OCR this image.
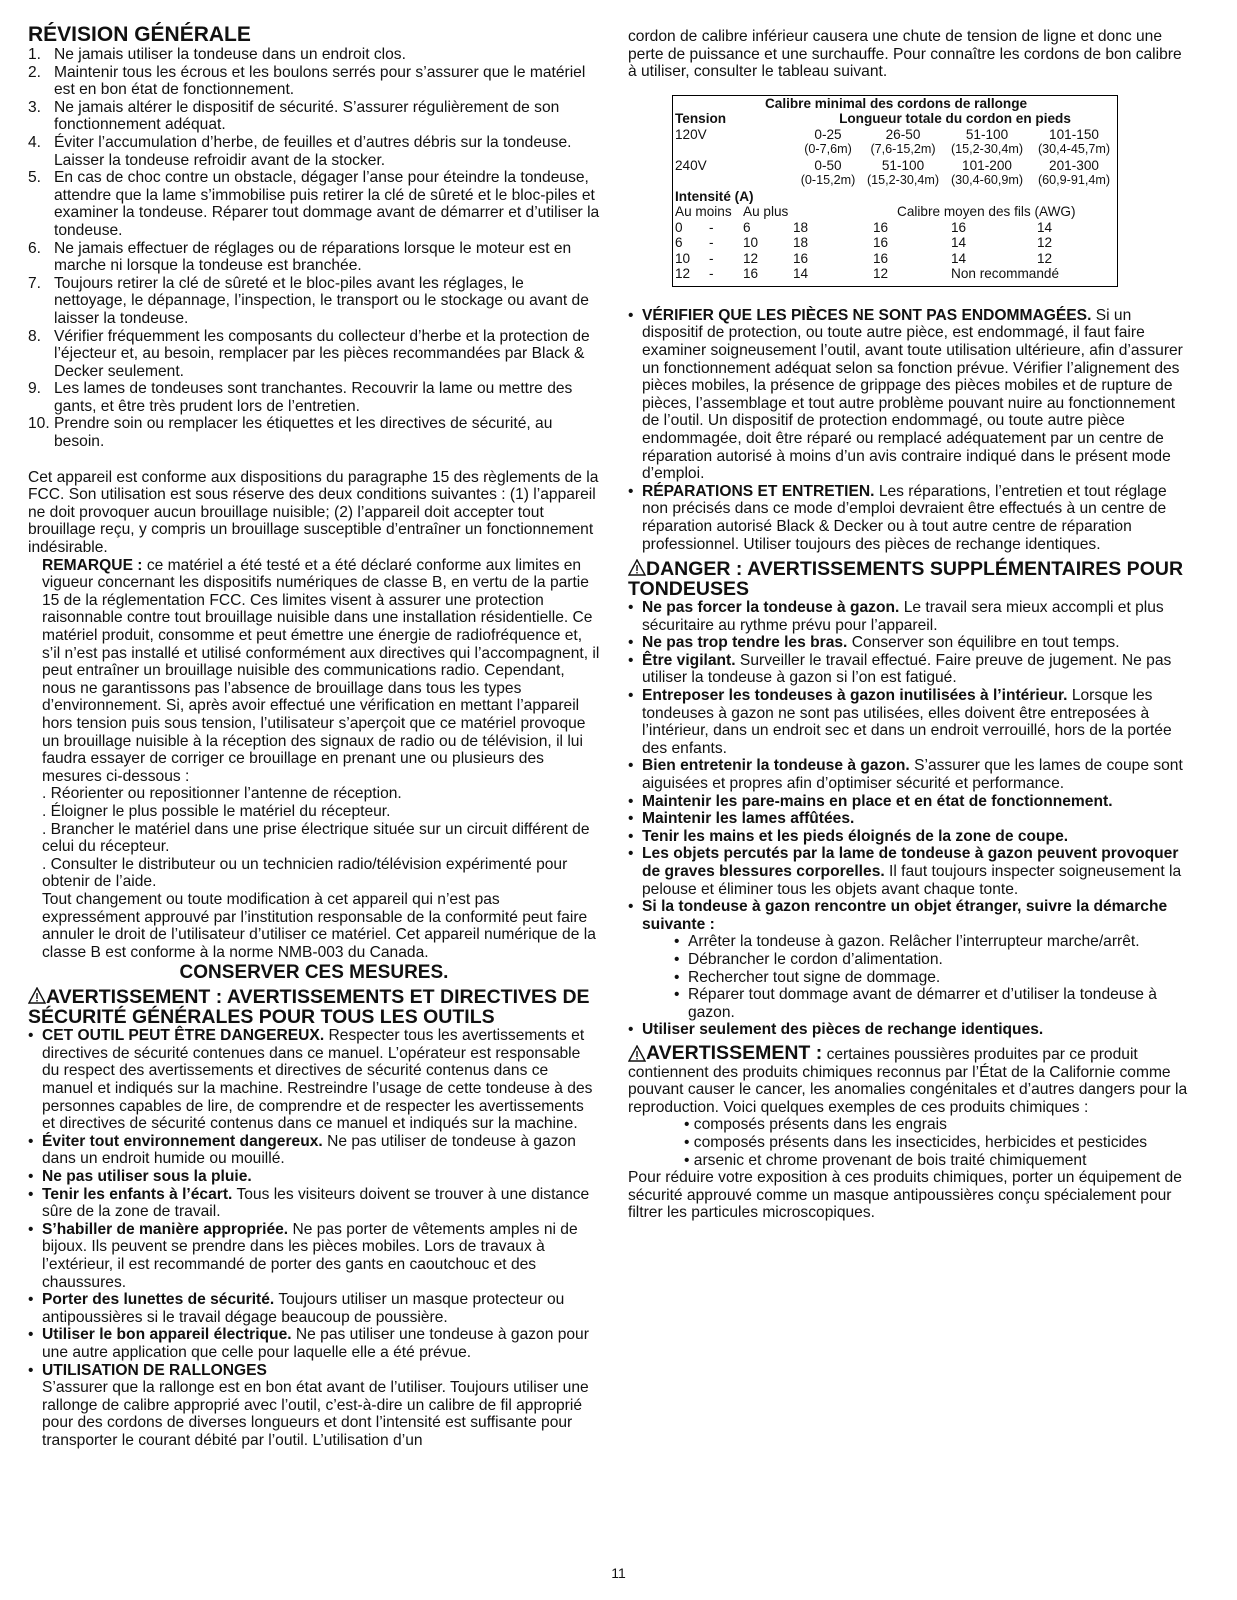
RÉVISION GÉNÉRALE
1. Ne jamais utiliser la tondeuse dans un endroit clos.
2. Maintenir tous les écrous et les boulons serrés pour s’assurer que le matériel est en bon état de fonctionnement.
3. Ne jamais altérer le dispositif de sécurité. S’assurer régulièrement de son fonctionnement adéquat.
4. Éviter l’accumulation d’herbe, de feuilles et d’autres débris sur la tondeuse. Laisser la tondeuse refroidir avant de la stocker.
5. En cas de choc contre un obstacle, dégager l’anse pour éteindre la tondeuse, attendre que la lame s’immobilise puis retirer la clé de sûreté et le bloc-piles et examiner la tondeuse. Réparer tout dommage avant de démarrer et d’utiliser la tondeuse.
6. Ne jamais effectuer de réglages ou de réparations lorsque le moteur est en marche ni lorsque la tondeuse est branchée.
7. Toujours retirer la clé de sûreté et le bloc-piles avant les réglages, le nettoyage, le dépannage, l’inspection, le transport ou le stockage ou avant de laisser la tondeuse.
8. Vérifier fréquemment les composants du collecteur d’herbe et la protection de l’éjecteur et, au besoin, remplacer par les pièces recommandées par Black & Decker seulement.
9. Les lames de tondeuses sont tranchantes. Recouvrir la lame ou mettre des gants, et être très prudent lors de l’entretien.
10. Prendre soin ou remplacer les étiquettes et les directives de sécurité, au besoin.

Cet appareil est conforme aux dispositions du paragraphe 15 des règlements de la FCC. Son utilisation est sous réserve des deux conditions suivantes : (1) l’appareil ne doit provoquer aucun brouillage nuisible; (2) l’appareil doit accepter tout brouillage reçu, y compris un brouillage susceptible d’entraîner un fonctionnement indésirable.

REMARQUE : ce matériel a été testé et a été déclaré conforme aux limites en vigueur concernant les dispositifs numériques de classe B, en vertu de la partie 15 de la réglementation FCC. Ces limites visent à assurer une protection raisonnable contre tout brouillage nuisible dans une installation résidentielle. Ce matériel produit, consomme et peut émettre une énergie de radiofréquence et, s’il n’est pas installé et utilisé conformément aux directives qui l’accompagnent, il peut entraîner un brouillage nuisible des communications radio. Cependant, nous ne garantissons pas l’absence de brouillage dans tous les types d’environnement. Si, après avoir effectué une vérification en mettant l’appareil hors tension puis sous tension, l’utilisateur s’aperçoit que ce matériel provoque un brouillage nuisible à la réception des signaux de radio ou de télévision, il lui faudra essayer de corriger ce brouillage en prenant une ou plusieurs des mesures ci-dessous :

. Réorienter ou repositionner l’antenne de réception.

. Éloigner le plus possible le matériel du récepteur.

. Brancher le matériel dans une prise électrique située sur un circuit différent de celui du récepteur.

. Consulter le distributeur ou un technicien radio/télévision expérimenté pour obtenir de l’aide.

Tout changement ou toute modification à cet appareil qui n’est pas expressément approuvé par l’institution responsable de la conformité peut faire annuler le droit de l’utilisateur d’utiliser ce matériel. Cet appareil numérique de la classe B est conforme à la norme NMB-003 du Canada.

CONSERVER CES MESURES.
AVERTISSEMENT : AVERTISSEMENTS ET DIRECTIVES DE SÉCURITÉ GÉNÉRALES POUR TOUS LES OUTILS
• CET OUTIL PEUT ÊTRE DANGEREUX. Respecter tous les avertissements et directives de sécurité contenues dans ce manuel. L’opérateur est responsable du respect des avertissements et directives de sécurité contenus dans ce manuel et indiqués sur la machine. Restreindre l’usage de cette tondeuse à des personnes capables de lire, de comprendre et de respecter les avertissements et directives de sécurité contenus dans ce manuel et indiqués sur la machine.
• Éviter tout environnement dangereux. Ne pas utiliser de tondeuse à gazon dans un endroit humide ou mouillé.
• Ne pas utiliser sous la pluie.
• Tenir les enfants à l’écart. Tous les visiteurs doivent se trouver à une distance sûre de la zone de travail.
• S’habiller de manière appropriée. Ne pas porter de vêtements amples ni de bijoux. Ils peuvent se prendre dans les pièces mobiles. Lors de travaux à l’extérieur, il est recommandé de porter des gants en caoutchouc et des chaussures.
• Porter des lunettes de sécurité. Toujours utiliser un masque protecteur ou antipoussières si le travail dégage beaucoup de poussière.
• Utiliser le bon appareil électrique. Ne pas utiliser une tondeuse à gazon pour une autre application que celle pour laquelle elle a été prévue.
• UTILISATION DE RALLONGES
S’assurer que la rallonge est en bon état avant de l’utiliser. Toujours utiliser une rallonge de calibre approprié avec l’outil, c’est-à-dire un calibre de fil approprié pour des cordons de diverses longueurs et dont l’intensité est suffisante pour transporter le courant débité par l’outil. L’utilisation d’un

cordon de calibre inférieur causera une chute de tension de ligne et donc une perte de puissance et une surchauffe. Pour connaître les cordons de bon calibre à utiliser, consulter le tableau suivant.

Calibre minimal des cordons de rallonge
Tension	Longueur totale du cordon en pieds			
120V	0-25	26-50	51-100	101-150
	(0-7,6m)	(7,6-15,2m)	(15,2-30,4m)	(30,4-45,7m)
240V	0-50	51-100	101-200	201-300
	(0-15,2m)	(15,2-30,4m)	(30,4-60,9m)	(60,9-91,4m)
Intensité (A)
Au moins		Au plus		Calibre moyen des fils (AWG)		
0	-	6	18	16	16	14
6	-	10	18	16	14	12
10	-	12	16	16	14	12
12	-	16	14	12	Non recommandé	
• VÉRIFIER QUE LES PIÈCES NE SONT PAS ENDOMMAGÉES. Si un dispositif de protection, ou toute autre pièce, est endommagé, il faut faire examiner soigneusement l’outil, avant toute utilisation ultérieure, afin d’assurer un fonctionnement adéquat selon sa fonction prévue. Vérifier l’alignement des pièces mobiles, la présence de grippage des pièces mobiles et de rupture de pièces, l’assemblage et tout autre problème pouvant nuire au fonctionnement de l’outil. Un dispositif de protection endommagé, ou toute autre pièce endommagée, doit être réparé ou remplacé adéquatement par un centre de réparation autorisé à moins d’un avis contraire indiqué dans le présent mode d’emploi.
• RÉPARATIONS ET ENTRETIEN. Les réparations, l’entretien et tout réglage non précisés dans ce mode d’emploi devraient être effectués à un centre de réparation autorisé Black & Decker ou à tout autre centre de réparation professionnel. Utiliser toujours des pièces de rechange identiques.
DANGER : AVERTISSEMENTS SUPPLÉMENTAIRES POUR TONDEUSES
• Ne pas forcer la tondeuse à gazon. Le travail sera mieux accompli et plus sécuritaire au rythme prévu pour l’appareil.
• Ne pas trop tendre les bras. Conserver son équilibre en tout temps.
• Être vigilant. Surveiller le travail effectué. Faire preuve de jugement. Ne pas utiliser la tondeuse à gazon si l’on est fatigué.
• Entreposer les tondeuses à gazon inutilisées à l’intérieur. Lorsque les tondeuses à gazon ne sont pas utilisées, elles doivent être entreposées à l’intérieur, dans un endroit sec et dans un endroit verrouillé, hors de la portée des enfants.
• Bien entretenir la tondeuse à gazon. S’assurer que les lames de coupe sont aiguisées et propres afin d’optimiser sécurité et performance.
• Maintenir les pare-mains en place et en état de fonctionnement.
• Maintenir les lames affûtées.
• Tenir les mains et les pieds éloignés de la zone de coupe.
• Les objets percutés par la lame de tondeuse à gazon peuvent provoquer de graves blessures corporelles. Il faut toujours inspecter soigneusement la pelouse et éliminer tous les objets avant chaque tonte.
• Si la tondeuse à gazon rencontre un objet étranger, suivre la démarche suivante :
• Arrêter la tondeuse à gazon. Relâcher l’interrupteur marche/arrêt.
• Débrancher le cordon d’alimentation.
• Rechercher tout signe de dommage.
• Réparer tout dommage avant de démarrer et d’utiliser la tondeuse à gazon.
• Utiliser seulement des pièces de rechange identiques.

AVERTISSEMENT : certaines poussières produites par ce produit contiennent des produits chimiques reconnus par l’État de la Californie comme pouvant causer le cancer, les anomalies congénitales et d’autres dangers pour la reproduction. Voici quelques exemples de ces produits chimiques :

• composés présents dans les engrais

• composés présents dans les insecticides, herbicides et pesticides

• arsenic et chrome provenant de bois traité chimiquement

Pour réduire votre exposition à ces produits chimiques, porter un équipement de sécurité approuvé comme un masque antipoussières conçu spécialement pour filtrer les particules microscopiques.

11
